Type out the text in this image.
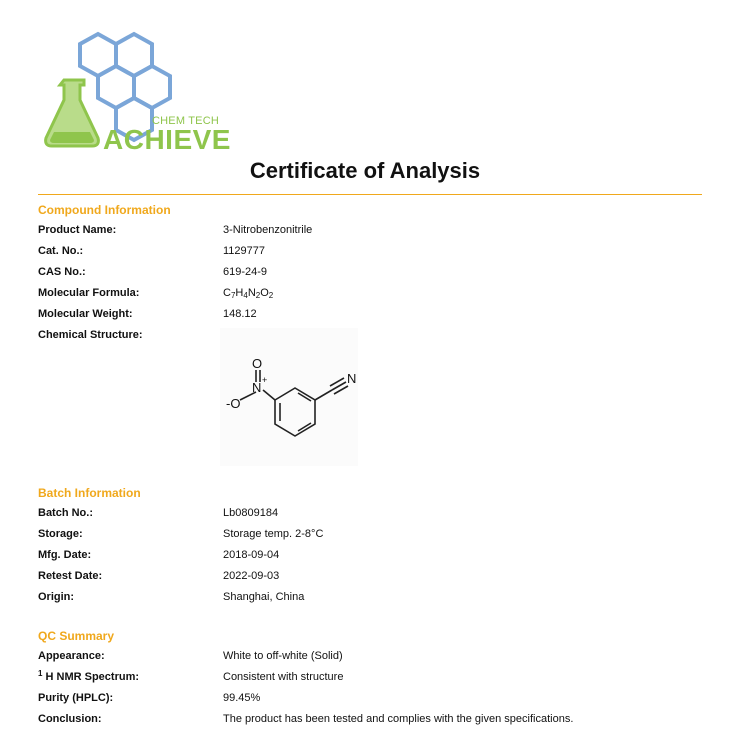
CHEM TECH
ACHIEVE
Certificate of Analysis
Compound Information
Product Name:	3-Nitrobenzonitrile
Cat. No.:	1129777
CAS No.:	619-24-9
Molecular Formula:	$C_7H_4N_2O_2$
Molecular Weight:	148.12
Chemical Structure:
O
N +
-O
N
Batch Information
Batch No.:	Lb0809184
Storage:	Storage temp. 2-8°C
Mfg. Date:	2018-09-04
Retest Date:	2022-09-03
Origin:	Shanghai, China
QC Summary
Appearance:	White to off-white (Solid)
$^1$ H NMR Spectrum:	Consistent with structure
Purity (HPLC):	99.45%
Conclusion:	The product has been tested and complies with the given specifications.
